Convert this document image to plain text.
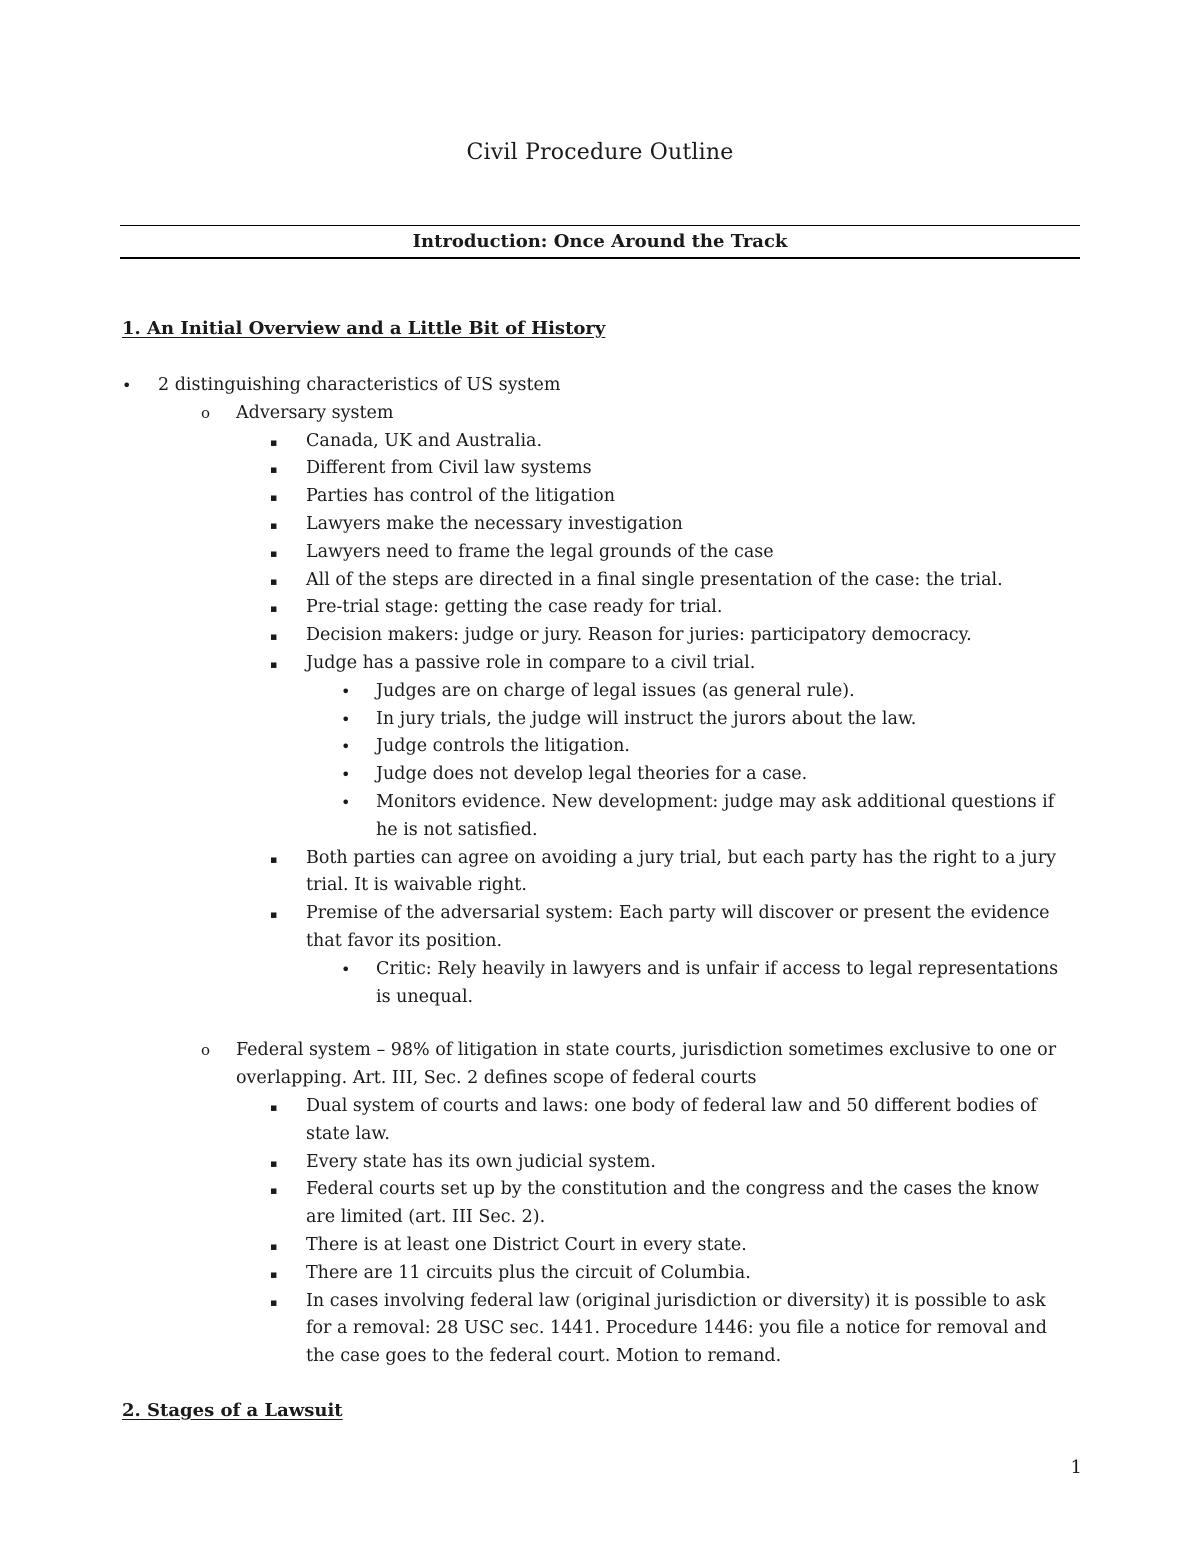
Civil Procedure Outline
Introduction: Once Around the Track
1. An Initial Overview and a Little Bit of History
• 2 distinguishing characteristics of US system
o Adversary system
▪ Canada, UK and Australia.
▪ Different from Civil law systems
▪ Parties has control of the litigation
▪ Lawyers make the necessary investigation
▪ Lawyers need to frame the legal grounds of the case
▪ All of the steps are directed in a final single presentation of the case: the trial.
▪ Pre-trial stage: getting the case ready for trial.
▪ Decision makers: judge or jury. Reason for juries: participatory democracy.
▪ Judge has a passive role in compare to a civil trial.
• Judges are on charge of legal issues (as general rule).
• In jury trials, the judge will instruct the jurors about the law.
• Judge controls the litigation.
• Judge does not develop legal theories for a case.
• Monitors evidence. New development: judge may ask additional questions if he is not satisfied.
▪ Both parties can agree on avoiding a jury trial, but each party has the right to a jury trial. It is waivable right.
▪ Premise of the adversarial system: Each party will discover or present the evidence that favor its position.
• Critic: Rely heavily in lawyers and is unfair if access to legal representations is unequal.
o Federal system – 98% of litigation in state courts, jurisdiction sometimes exclusive to one or overlapping. Art. III, Sec. 2 defines scope of federal courts
▪ Dual system of courts and laws: one body of federal law and 50 different bodies of state law.
▪ Every state has its own judicial system.
▪ Federal courts set up by the constitution and the congress and the cases the know are limited (art. III Sec. 2).
▪ There is at least one District Court in every state.
▪ There are 11 circuits plus the circuit of Columbia.
▪ In cases involving federal law (original jurisdiction or diversity) it is possible to ask for a removal: 28 USC sec. 1441. Procedure 1446: you file a notice for removal and the case goes to the federal court. Motion to remand.
2. Stages of a Lawsuit
1
